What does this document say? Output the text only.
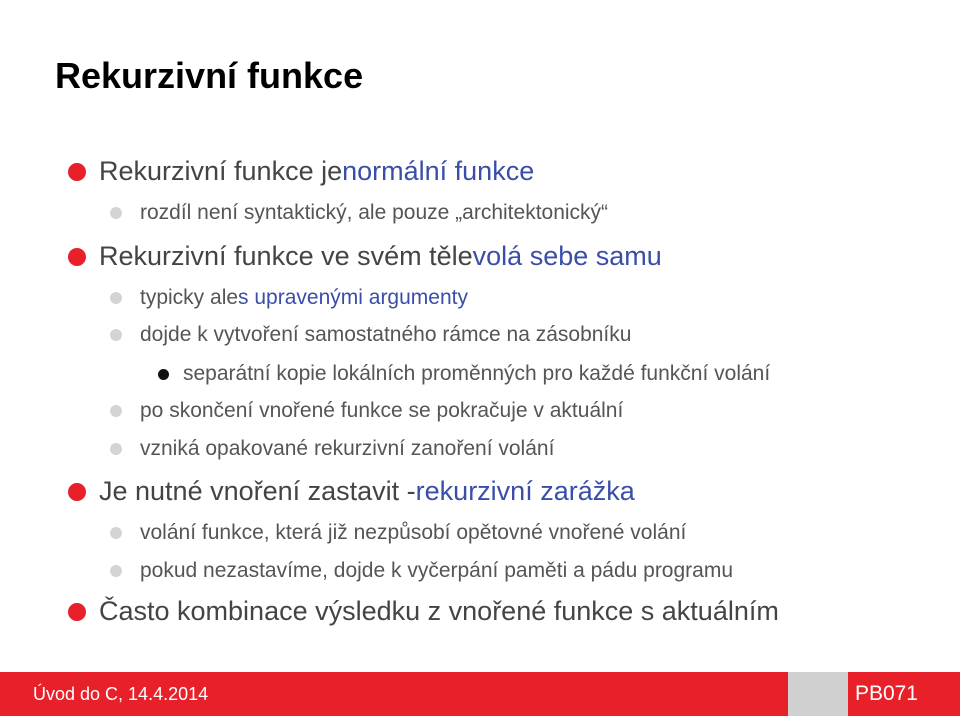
Rekurzivní funkce
Rekurzivní funkce je normální funkce
rozdíl není syntaktický, ale pouze „architektonický“
Rekurzivní funkce ve svém těle volá sebe samu
typicky ale s upravenými argumenty
dojde k vytvoření samostatného rámce na zásobníku
separátní kopie lokálních proměnných pro každé funkční volání
po skončení vnořené funkce se pokračuje v aktuální
vzniká opakované rekurzivní zanoření volání
Je nutné vnoření zastavit - rekurzivní zarážka
volání funkce, která již nezpůsobí opětovné vnořené volání
pokud nezastavíme, dojde k vyčerpání paměti a pádu programu
Často kombinace výsledku z vnořené funkce s aktuálním
Úvod do C, 14.4.2014	PB071
